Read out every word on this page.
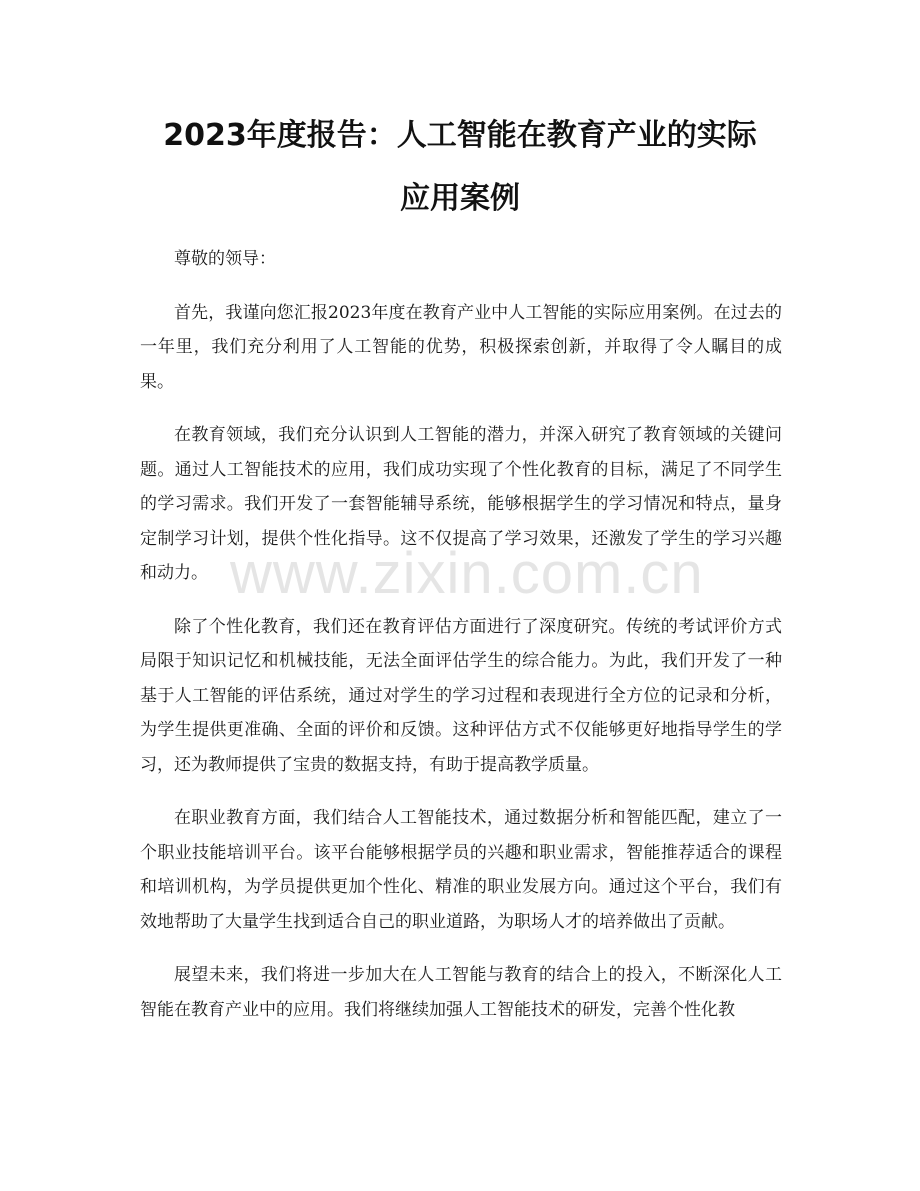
2023年度报告：人工智能在教育产业的实际
应用案例

尊敬的领导：

首先，我谨向您汇报2023年度在教育产业中人工智能的实际应用案例。在过去的一年里，我们充分利用了人工智能的优势，积极探索创新，并取得了令人瞩目的成果。

在教育领域，我们充分认识到人工智能的潜力，并深入研究了教育领域的关键问题。通过人工智能技术的应用，我们成功实现了个性化教育的目标，满足了不同学生的学习需求。我们开发了一套智能辅导系统，能够根据学生的学习情况和特点，量身定制学习计划，提供个性化指导。这不仅提高了学习效果，还激发了学生的学习兴趣和动力。

除了个性化教育，我们还在教育评估方面进行了深度研究。传统的考试评价方式局限于知识记忆和机械技能，无法全面评估学生的综合能力。为此，我们开发了一种基于人工智能的评估系统，通过对学生的学习过程和表现进行全方位的记录和分析，为学生提供更准确、全面的评价和反馈。这种评估方式不仅能够更好地指导学生的学习，还为教师提供了宝贵的数据支持，有助于提高教学质量。

在职业教育方面，我们结合人工智能技术，通过数据分析和智能匹配，建立了一个职业技能培训平台。该平台能够根据学员的兴趣和职业需求，智能推荐适合的课程和培训机构，为学员提供更加个性化、精准的职业发展方向。通过这个平台，我们有效地帮助了大量学生找到适合自己的职业道路，为职场人才的培养做出了贡献。

展望未来，我们将进一步加大在人工智能与教育的结合上的投入，不断深化人工智能在教育产业中的应用。我们将继续加强人工智能技术的研发，完善个性化教

www.zixin.com.cn
